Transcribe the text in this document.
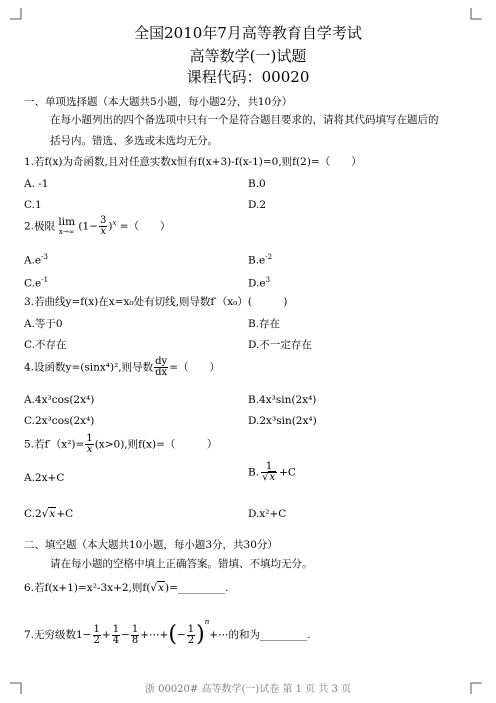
全国2010年7月高等教育自学考试
高等数学(一)试题
课程代码：00020
一、单项选择题（本大题共5小题，每小题2分，共10分）
在每小题列出的四个备选项中只有一个是符合题目要求的，请将其代码填写在题后的
括号内。错选、多选或未选均无分。
1.若f(x)为奇函数,且对任意实数x恒有f(x+3)-f(x-1)=0,则f(2)=（　　）
A. -1	B.0
C.1	D.2
2.极限 lim
x→∞ $(1- \frac{3}{x} )^x$ =（　　）
$A.e^{-3}$	$B.e^{-2}$
$C.e^{-1}$	$D.e^3$
3.若曲线y=f(x)在x=x₀处有切线,则导数f′（x₀）(　　　)
A.等于0	B.存在
C.不存在	D.不一定存在
4.设函数y=(sinx⁴)²,则导数 $\frac{dy}{dx}$ =（　　）
A.4x³cos(2x⁴)	B.4x³sin(2x⁴)
C.2x³cos(2x⁴)	D.2x³sin(2x⁴)
5.若$f'(x^2)= \frac{1}{x} (x>0)$,则f(x)=（　　　）
A.2x+C	B. $\frac{1}{√x} +C$
C.2√x+C	D.x²+C
二、填空题（本大题共10小题，每小题3分，共30分）
请在每小题的空格中填上正确答案。错填、不填均无分。
6.若f(x+1)=x²-3x+2,则f(√x)=_________.
7.无穷级数$1- \frac{1}{2} + \frac{1}{4} - \frac{1}{8}$ +⋯+(− $\frac{1}{2}$ )$^n$+⋯的和为_________.
浙 00020# 高等数学(一)试卷 第 1 页 共 3 页
